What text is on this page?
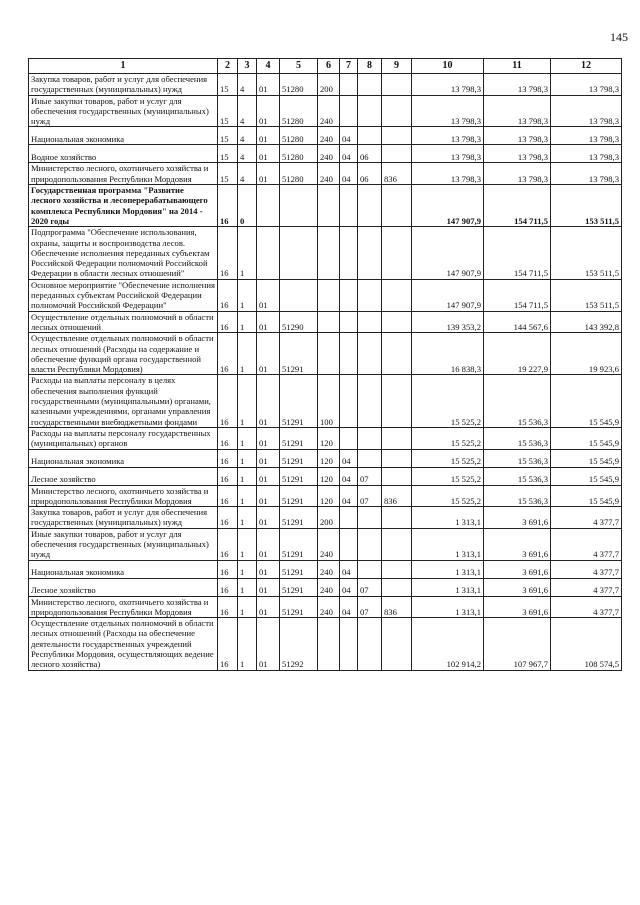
145
1	2	3	4	5	6	7	8	9	10	11	12
Закупка товаров, работ и услуг для обеспечения государственных (муниципальных) нужд	15	4	01	51280	200				13 798,3	13 798,3	13 798,3
Иные закупки товаров, работ и услуг для обеспечения государственных (муниципальных) нужд	15	4	01	51280	240				13 798,3	13 798,3	13 798,3
Национальная экономика	15	4	01	51280	240	04			13 798,3	13 798,3	13 798,3
Водное хозяйство	15	4	01	51280	240	04	06		13 798,3	13 798,3	13 798,3
Министерство лесного, охотничьего хозяйства и природопользования Республики Мордовия	15	4	01	51280	240	04	06	836	13 798,3	13 798,3	13 798,3
Государственная программа "Развитие лесного хозяйства и лесоперерабатывающего комплекса Республики Мордовия" на 2014 - 2020 годы	16	0							147 907,9	154 711,5	153 511,5
Подпрограмма "Обеспечение использования, охраны, защиты и воспроизводства лесов. Обеспечение исполнения переданных субъектам Российской Федерации полномочий Российской Федерации в области лесных отношений"	16	1							147 907,9	154 711,5	153 511,5
Основное мероприятие "Обеспечение исполнения переданных субъектам Российской Федерации полномочий Российской Федерации"	16	1	01						147 907,9	154 711,5	153 511,5
Осуществление отдельных полномочий в области лесных отношений	16	1	01	51290					139 353,2	144 567,6	143 392,8
Осуществление отдельных полномочий в области лесных отношений (Расходы на содержание и обеспечение функций органа государственной власти Республики Мордовия)	16	1	01	51291					16 838,3	19 227,9	19 923,6
Расходы на выплаты персоналу в целях обеспечения выполнения функций государственными (муниципальными) органами, казенными учреждениями, органами управления государственными внебюджетными фондами	16	1	01	51291	100				15 525,2	15 536,3	15 545,9
Расходы на выплаты персоналу государственных (муниципальных) органов	16	1	01	51291	120				15 525,2	15 536,3	15 545,9
Национальная экономика	16	1	01	51291	120	04			15 525,2	15 536,3	15 545,9
Лесное хозяйство	16	1	01	51291	120	04	07		15 525,2	15 536,3	15 545,9
Министерство лесного, охотничьего хозяйства и природопользования Республики Мордовия	16	1	01	51291	120	04	07	836	15 525,2	15 536,3	15 545,9
Закупка товаров, работ и услуг для обеспечения государственных (муниципальных) нужд	16	1	01	51291	200				1 313,1	3 691,6	4 377,7
Иные закупки товаров, работ и услуг для обеспечения государственных (муниципальных) нужд	16	1	01	51291	240				1 313,1	3 691,6	4 377,7
Национальная экономика	16	1	01	51291	240	04			1 313,1	3 691,6	4 377,7
Лесное хозяйство	16	1	01	51291	240	04	07		1 313,1	3 691,6	4 377,7
Министерство лесного, охотничьего хозяйства и природопользования Республики Мордовия	16	1	01	51291	240	04	07	836	1 313,1	3 691,6	4 377,7
Осуществление отдельных полномочий в области лесных отношений (Расходы на обеспечение деятельности государственных учреждений Республики Мордовия, осуществляющих ведение лесного хозяйства)	16	1	01	51292					102 914,2	107 967,7	108 574,5
